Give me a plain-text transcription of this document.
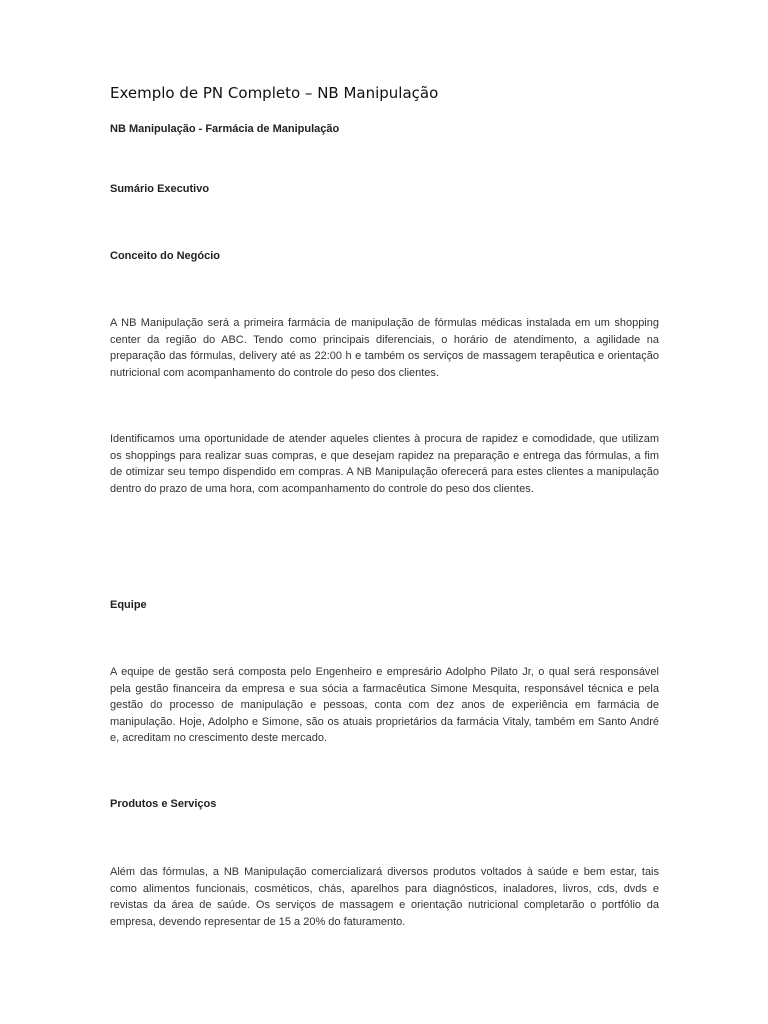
Exemplo de PN Completo – NB Manipulação

NB Manipulação - Farmácia de Manipulação

Sumário Executivo
Conceito do Negócio

A NB Manipulação será a primeira farmácia de manipulação de fórmulas médicas instalada em um shopping center da região do ABC. Tendo como principais diferenciais, o horário de atendimento, a agilidade na preparação das fórmulas, delivery até as 22:00 h e também os serviços de massagem terapêutica e orientação nutricional com acompanhamento do controle do peso dos clientes.

Identificamos uma oportunidade de atender aqueles clientes à procura de rapidez e comodidade, que utilizam os shoppings para realizar suas compras, e que desejam rapidez na preparação e entrega das fórmulas, a fim de otimizar seu tempo dispendido em compras. A NB Manipulação oferecerá para estes clientes a manipulação dentro do prazo de uma hora, com acompanhamento do controle do peso dos clientes.

Equipe

A equipe de gestão será composta pelo Engenheiro e empresário Adolpho Pilato Jr, o qual será responsável pela gestão financeira da empresa e sua sócia a farmacêutica Simone Mesquita, responsável técnica e pela gestão do processo de manipulação e pessoas, conta com dez anos de experiência em farmácia de manipulação. Hoje, Adolpho e Simone, são os atuais proprietários da farmácia Vitaly, também em Santo André e, acreditam no crescimento deste mercado.

Produtos e Serviços

Além das fórmulas, a NB Manipulação comercializará diversos produtos voltados à saúde e bem estar, tais como alimentos funcionais, cosméticos, chás, aparelhos para diagnósticos, inaladores, livros, cds, dvds e revistas da área de saúde. Os serviços de massagem e orientação nutricional completarão o portfólio da empresa, devendo representar de 15 a 20% do faturamento.
